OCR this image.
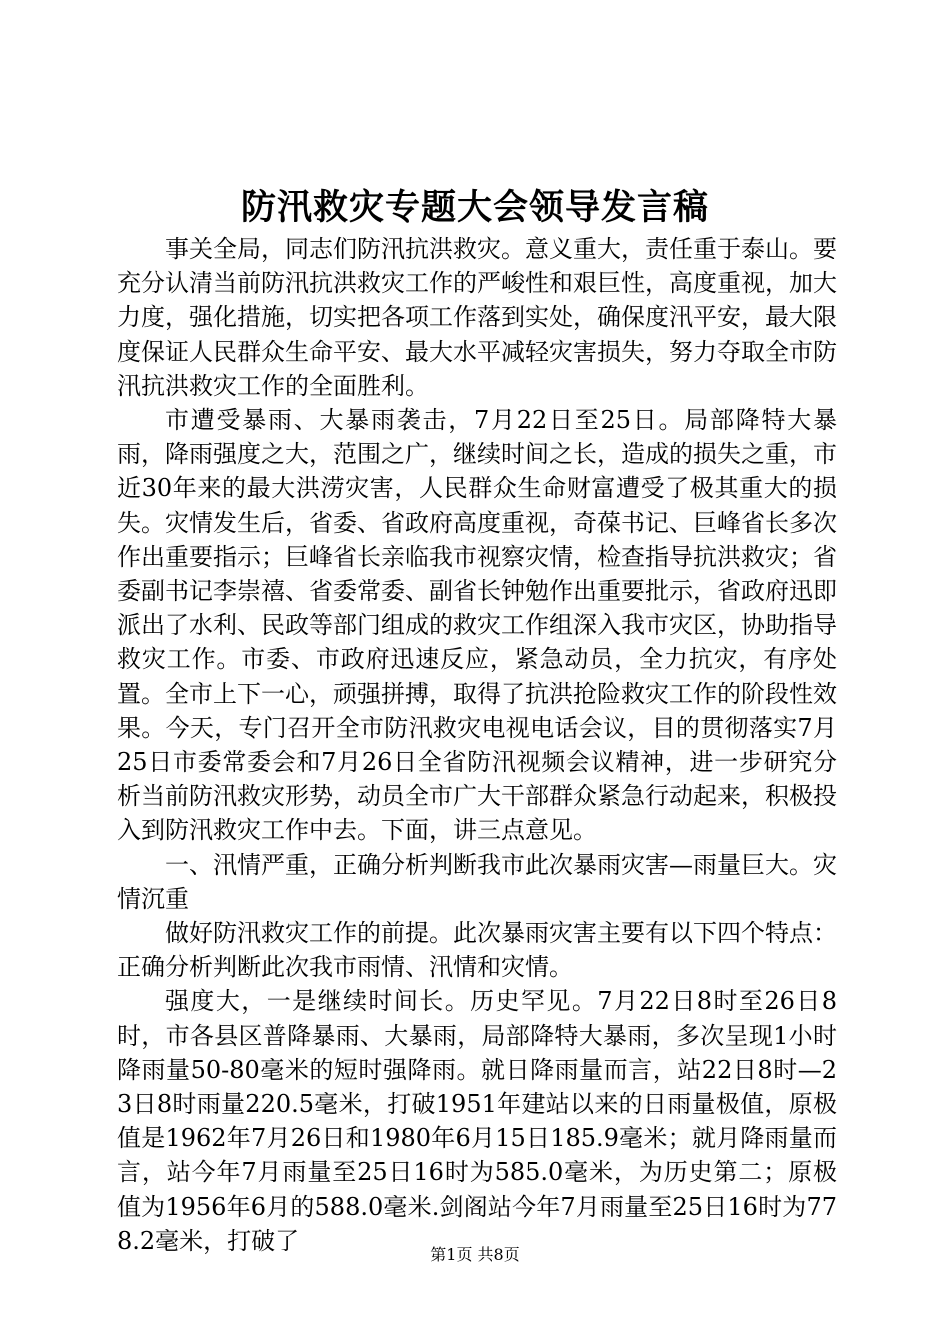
防汛救灾专题大会领导发言稿

事关全局，同志们防汛抗洪救灾。意义重大，责任重于泰山。要充分认清当前防汛抗洪救灾工作的严峻性和艰巨性，高度重视，加大力度，强化措施，切实把各项工作落到实处，确保度汛平安，最大限度保证人民群众生命平安、最大水平减轻灾害损失，努力夺取全市防汛抗洪救灾工作的全面胜利。

市遭受暴雨、大暴雨袭击，7月22日至25日。局部降特大暴雨，降雨强度之大，范围之广，继续时间之长，造成的损失之重，市近30年来的最大洪涝灾害，人民群众生命财富遭受了极其重大的损失。灾情发生后，省委、省政府高度重视，奇葆书记、巨峰省长多次作出重要指示；巨峰省长亲临我市视察灾情，检查指导抗洪救灾；省委副书记李崇禧、省委常委、副省长钟勉作出重要批示，省政府迅即派出了水利、民政等部门组成的救灾工作组深入我市灾区，协助指导救灾工作。市委、市政府迅速反应，紧急动员，全力抗灾，有序处置。全市上下一心，顽强拼搏，取得了抗洪抢险救灾工作的阶段性效果。今天，专门召开全市防汛救灾电视电话会议，目的贯彻落实7月25日市委常委会和7月26日全省防汛视频会议精神，进一步研究分析当前防汛救灾形势，动员全市广大干部群众紧急行动起来，积极投入到防汛救灾工作中去。下面，讲三点意见。

一、汛情严重，正确分析判断我市此次暴雨灾害—雨量巨大。灾情沉重

做好防汛救灾工作的前提。此次暴雨灾害主要有以下四个特点：正确分析判断此次我市雨情、汛情和灾情。

强度大，一是继续时间长。历史罕见。7月22日8时至26日8时，市各县区普降暴雨、大暴雨，局部降特大暴雨，多次呈现1小时降雨量50-80毫米的短时强降雨。就日降雨量而言，站22日8时—23日8时雨量220.5毫米，打破1951年建站以来的日雨量极值，原极值是1962年7月26日和1980年6月15日185.9毫米；就月降雨量而言，站今年7月雨量至25日16时为585.0毫米，为历史第二；原极值为1956年6月的588.0毫米.剑阁站今年7月雨量至25日16时为778.2毫米，打破了	第1页 共8页
